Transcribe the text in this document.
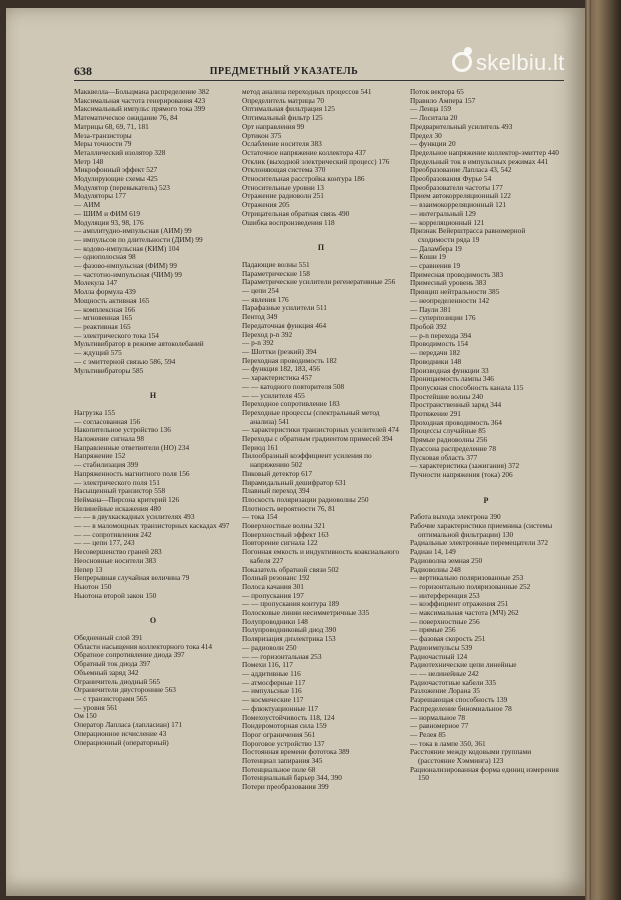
638	ПРЕДМЕТНЫЙ УКАЗАТЕЛЬ
Макквелла—Больцмана распределение 382
Максимальная частота генерирования 423
Максимальный импульс прямого тока 399
Математическое ожидание 76, 84
Матрицы 68, 69, 71, 181
Меза-транзисторы
Меры точности 79
Металлический изолятор 328
Метр 148
Микрофонный эффект 527
Модулирующие схемы 425
Модулятор (перевыкатель) 523
Модуляторы 177
— АИМ
— ШИМ и ФИМ 619
Модуляция 93, 98, 176
— амплитудно-импульсная (АИМ) 99
— импульсов по длительности (ДИМ) 99
— кодово-импульсная (КИМ) 104
— однополосная 98
— фазово-импульсная (ФИМ) 99
— частотно-импульсная (ЧИМ) 99
Молекула 147
Молла формула 439
Мощность активная 165
— комплексная 166
— мгновенная 165
— реактивная 165
— электрического тока 154
Мультивибратор в режиме автоколебаний
— ждущий 575
— с эмиттерной связью 586, 594
Мультивибраторы 585
Н
Нагрузка 155
— согласованная 156
Накопительное устройство 136
Наложение сигнала 98
Направленные ответвители (НО) 234
Напряжение 152
— стабилизация 399
Напряженность магнитного поля 156
— электрического поля 151
Насыщенный транзистор 558
Неймана—Пирсона критерий 126
Нелинейные искажения 480
— — в двухкаскадных усилителях 493
— — в маломощных транзисторных каскадах 497
— — сопротивления 242
— — цепи 177, 243
Несовершенство граней 283
Неосновные носители 383
Непер 13
Непрерывная случайная величина 79
Ньютон 150
Ньютона второй закон 150
О
Обедненный слой 391
Области насыщения коллекторного тока 414
Обратное сопротивление диода 397
Обратный ток диода 397
Объемный заряд 342
Ограничитель диодный 565
Ограничители двусторонние 563
— с транзисторами 565
— уровня 561
Ом 150
Оператор Лапласа (лапласиан) 171
Операционное исчисление 43
Операционный (операторный)
метод анализа переходных процессов 541
Определитель матрицы 70
Оптимальная фильтрация 125
Оптимальный фильтр 125
Орт направления 99
Ортикон 375
Ослабление носителя 383
Остаточное напряжение коллектора 437
Отклик (выходной электрический процесс) 176
Отклоняющая система 370
Относительная расстройка контура 186
Относительные уровни 13
Отражение радиоволн 251
Отражения 205
Отрицательная обратная связь 490
Ошибка воспроизведения 118
П
Падающие волны 551
Параметрические 158
Параметрические усилители регенеративные 256
— цепи 254
— явления 176
Парафазные усилители 511
Пентод 349
Передаточная функция 464
Переход p-n 392
— p-n 392
— Шоттки (резкий) 394
Переходная проводимость 182
— функция 182, 183, 456
— характеристика 457
— — катодного повторителя 508
— — усилителя 455
Переходное сопротивление 183
Переходные процессы (спектральный метод анализа) 541
— характеристики транзисторных усилителей 474
Переходы с обратным градиентом примесей 394
Период 161
Пилообразный коэффициент усиления по напряжению 502
Пиковый детектор 617
Пирамидальный дешифратор 631
Плавный переход 394
Плоскость поляризации радиоволны 250
Плотность вероятности 76, 81
— тока 154
Поверхностные волны 321
Поверхностный эффект 163
Повторение сигнала 122
Погонная емкость и индуктивность коаксиального кабеля 227
Показатель обратной связи 502
Полный резонанс 192
Полоса качания 301
— пропускания 197
— — пропускания контура 189
Полосковые линии несимметричные 335
Полупроводники 148
Полупроводниковый диод 390
Поляризация диэлектрика 153
— радиоволн 250
— — горизонтальная 253
Помехи 116, 117
— аддитивные 116
— атмосферные 117
— импульсные 116
— космические 117
— флюктуационные 117
Помехоустойчивость 118, 124
Пондеромоторная сила 159
Порог ограничения 561
Пороговое устройство 137
Постоянная времени фототока 389
Потенциал запирания 345
Потенциальное поле 68
Потенциальный барьер 344, 390
Потери преобразования 399
Поток вектора 65
Правило Ампера 157
— Ленца 159
— Лоситала 20
Предварительный усилитель 493
Предел 30
— функции 20
Предельное напряжение коллектор-эмиттер 440
Предельный ток в импульсных режимах 441
Преобразование Лапласа 43, 542
Преобразования Фурье 54
Преобразователи частоты 177
Прием автокорреляционный 122
— взаимокорреляционный 121
— интегральный 129
— корреляционный 121
Признак Вейерштрасса равномерной сходимости ряда 19
— Даламбера 19
— Коши 19
— сравнения 19
Примесная проводимость 383
Примесный уровень 383
Принцип нейтральности 385
— неопределенности 142
— Паули 381
— суперпозиции 176
Пробой 392
— p-n перехода 394
Проводимость 154
— передачи 182
Проводники 148
Производная функции 33
Проницаемость лампы 346
Пропускная способность канала 115
Простейшие волны 240
Пространственный заряд 344
Протяжение 291
Проходная проводимость 364
Процессы случайные 85
Прямые радиоволны 256
Пуассона распределение 78
Пусковая область 377
— характеристика (зажигания) 372
Пучности напряжения (тока) 206
Р
Работа выхода электрона 390
Рабочие характеристики приемника (системы оптимальной фильтрации) 130
Радиальные электронные перемещатели 372
Радиан 14, 149
Радиоволна земная 250
Радиоволны 248
— вертикально поляризованные 253
— горизонтально поляризованные 252
— интерференция 253
— коэффициент отражения 251
— максимальная частота (МЧ) 262
— поверхностные 256
— прямые 256
— фазовая скорость 251
Радиоимпульсы 539
Радиочастный 124
Радиотехнические цепи линейные
— — нелинейные 242
Радиочастотные кабели 335
Разложение Лоранa 35
Разрешающая способность 139
Распределение биномиальное 78
— нормальное 78
— равномерное 77
— Релея 85
— тока в лампе 350, 361
Расстояние между кодовыми группами (расстояние Хэмминга) 123
Рационализированная форма единиц измерения 150
skelbiu.lt
